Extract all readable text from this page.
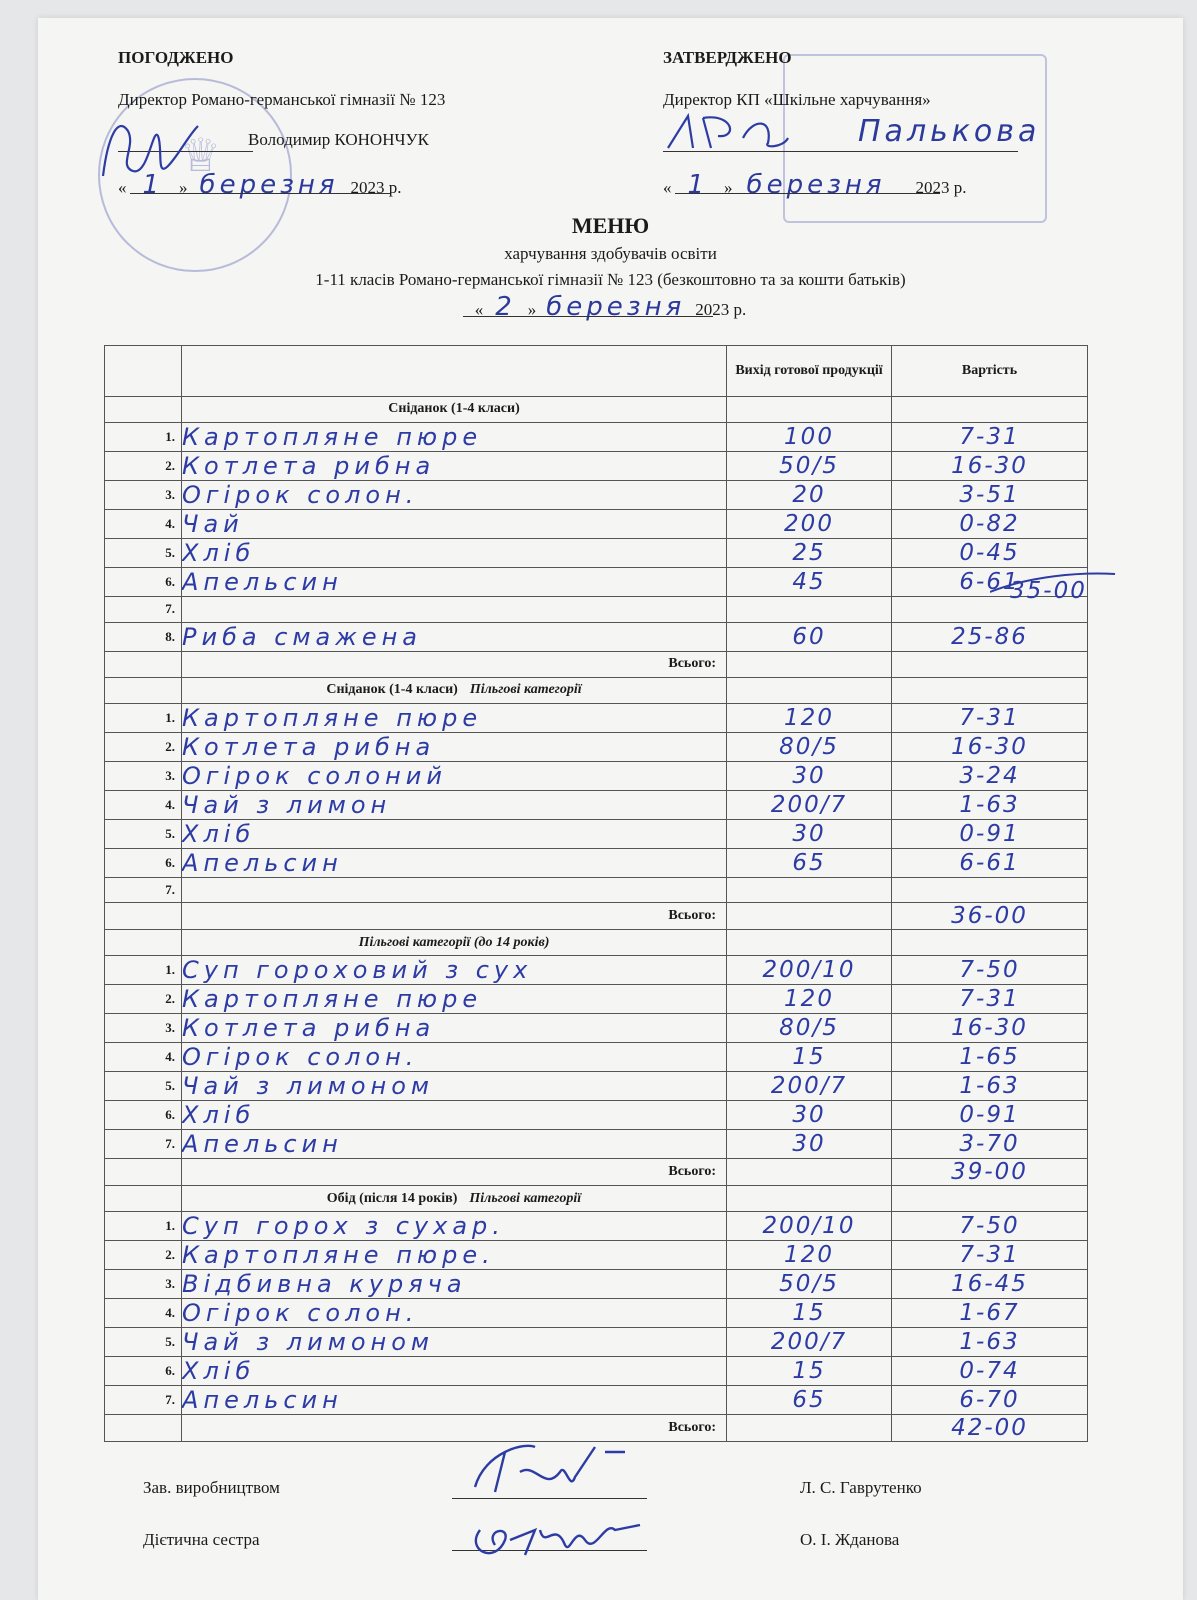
♕
ПОГОДЖЕНО
Директор Романо-германської гімназії № 123
Володимир КОНОНЧУК
« 1 » березня 2023 р.
ЗАТВЕРДЖЕНО
Директор КП «Шкільне харчування»
Палькова
« 1 » березня 2023 р.
МЕНЮ
харчування здобувачів освіти
1-11 класів Романо-германської гімназії № 123 (безкоштовно та за кошти батьків)
« 2 » березня 2023 р.
		Вихід готової продукції	Вартість
	Сніданок (1-4 класи)		
1.	Картопляне пюре	100	7-31
2.	Котлета рибна	50/5	16-30
3.	Огірок солон.	20	3-51
4.	Чай	200	0-82
5.	Хліб	25	0-45
6.	Апельсин	45	6-61
7.			
8.	Риба смажена	60	25-86
	Всього:		
	Сніданок (1-4 класи) Пільгові категорії		
1.	Картопляне пюре	120	7-31
2.	Котлета рибна	80/5	16-30
3.	Огірок солоний	30	3-24
4.	Чай з лимон	200/7	1-63
5.	Хліб	30	0-91
6.	Апельсин	65	6-61
7.			
	Всього:		36-00
	Пільгові категорії (до 14 років)		
1.	Суп гороховий з сух	200/10	7-50
2.	Картопляне пюре	120	7-31
3.	Котлета рибна	80/5	16-30
4.	Огірок солон.	15	1-65
5.	Чай з лимоном	200/7	1-63
6.	Хліб	30	0-91
7.	Апельсин	30	3-70
	Всього:		39-00
	Обід (після 14 років) Пільгові категорії		
1.	Суп горох з сухар.	200/10	7-50
2.	Картопляне пюре.	120	7-31
3.	Відбивна куряча	50/5	16-45
4.	Огірок солон.	15	1-67
5.	Чай з лимоном	200/7	1-63
6.	Хліб	15	0-74
7.	Апельсин	65	6-70
	Всього:		42-00
35-00
Зав. виробництвом	Л. С. Гаврутенко
Дієтична сестра	О. І. Жданова
